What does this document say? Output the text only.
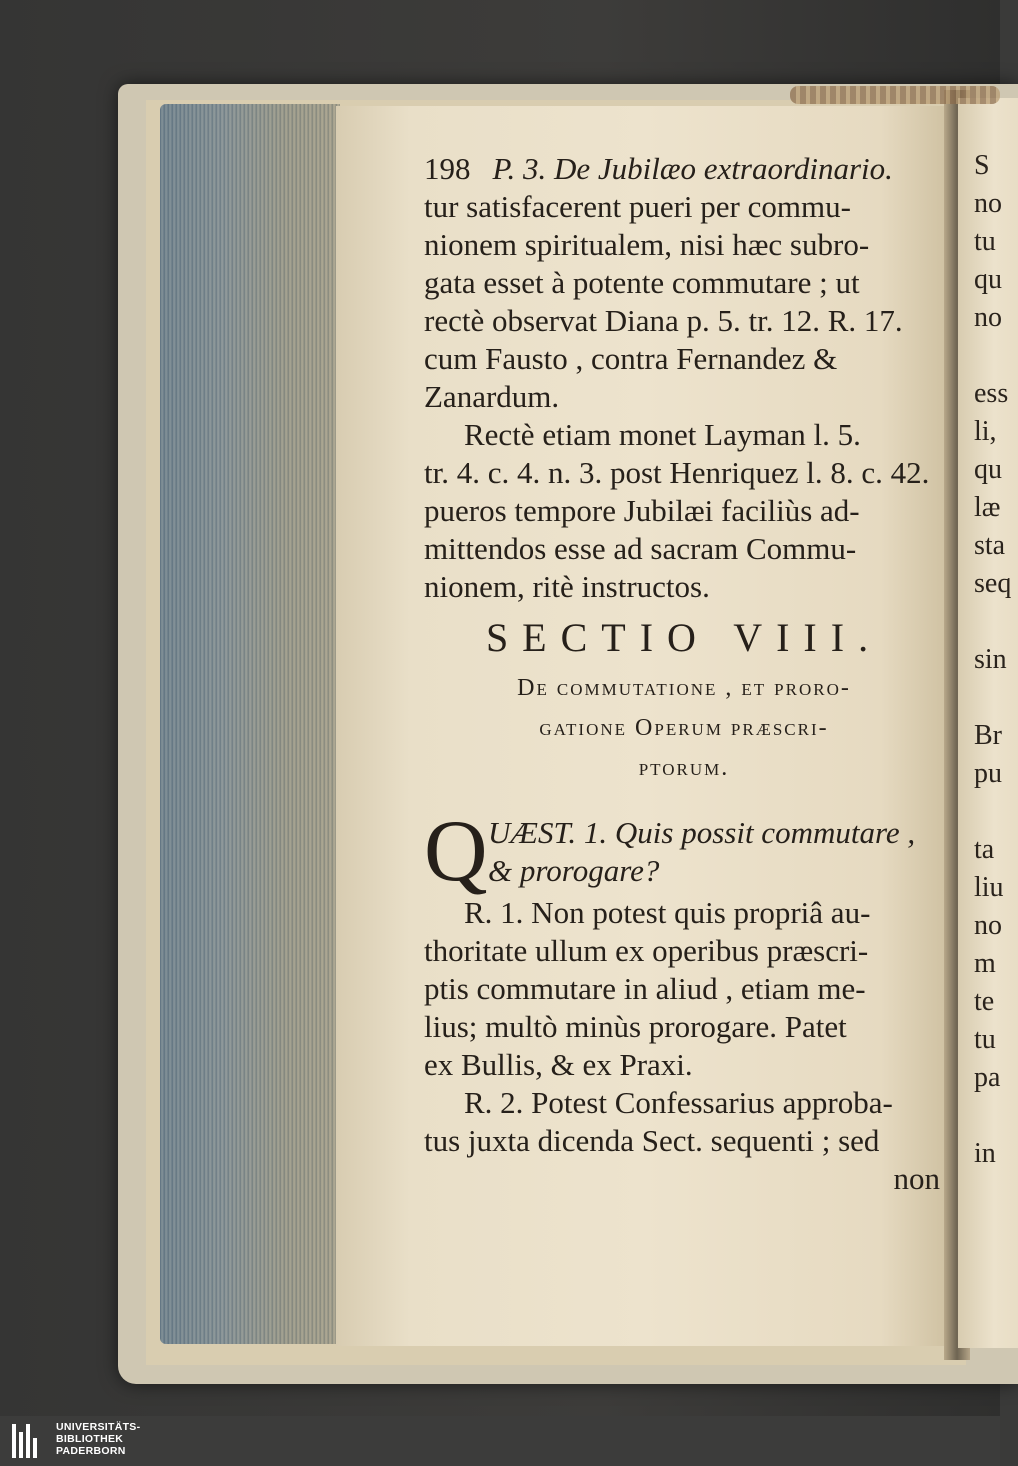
198 P. 3. De Jubilæo extraordinario.
tur satisfacerent pueri per commu-
nionem spiritualem, nisi hæc subro-
gata esset à potente commutare ; ut
rectè observat Diana p. 5. tr. 12. R. 17.
cum Fausto , contra Fernandez &
Zanardum.
Rectè etiam monet Layman l. 5.
tr. 4. c. 4. n. 3. post Henriquez l. 8. c. 42.
pueros tempore Jubilæi faciliùs ad-
mittendos esse ad sacram Commu-
nionem, ritè instructos.
SECTIO VIII.
De commutatione , et proro-
gatione Operum præscri-
ptorum.
Q UÆST. 1. Quis possit commutare ,
& prorogare?
R. 1. Non potest quis propriâ au-
thoritate ullum ex operibus præscri-
ptis commutare in aliud , etiam me-
lius; multò minùs prorogare. Patet
ex Bullis, & ex Praxi.
R. 2. Potest Confessarius approba-
tus juxta dicenda Sect. sequenti ; sed
non
S
no
tu
qu
no
ess
li,
qu
læ
sta
seq
sin
Br
pu
ta
liu
no
m
te
tu
pa
in
UNIVERSITÄTS-
BIBLIOTHEK
PADERBORN
